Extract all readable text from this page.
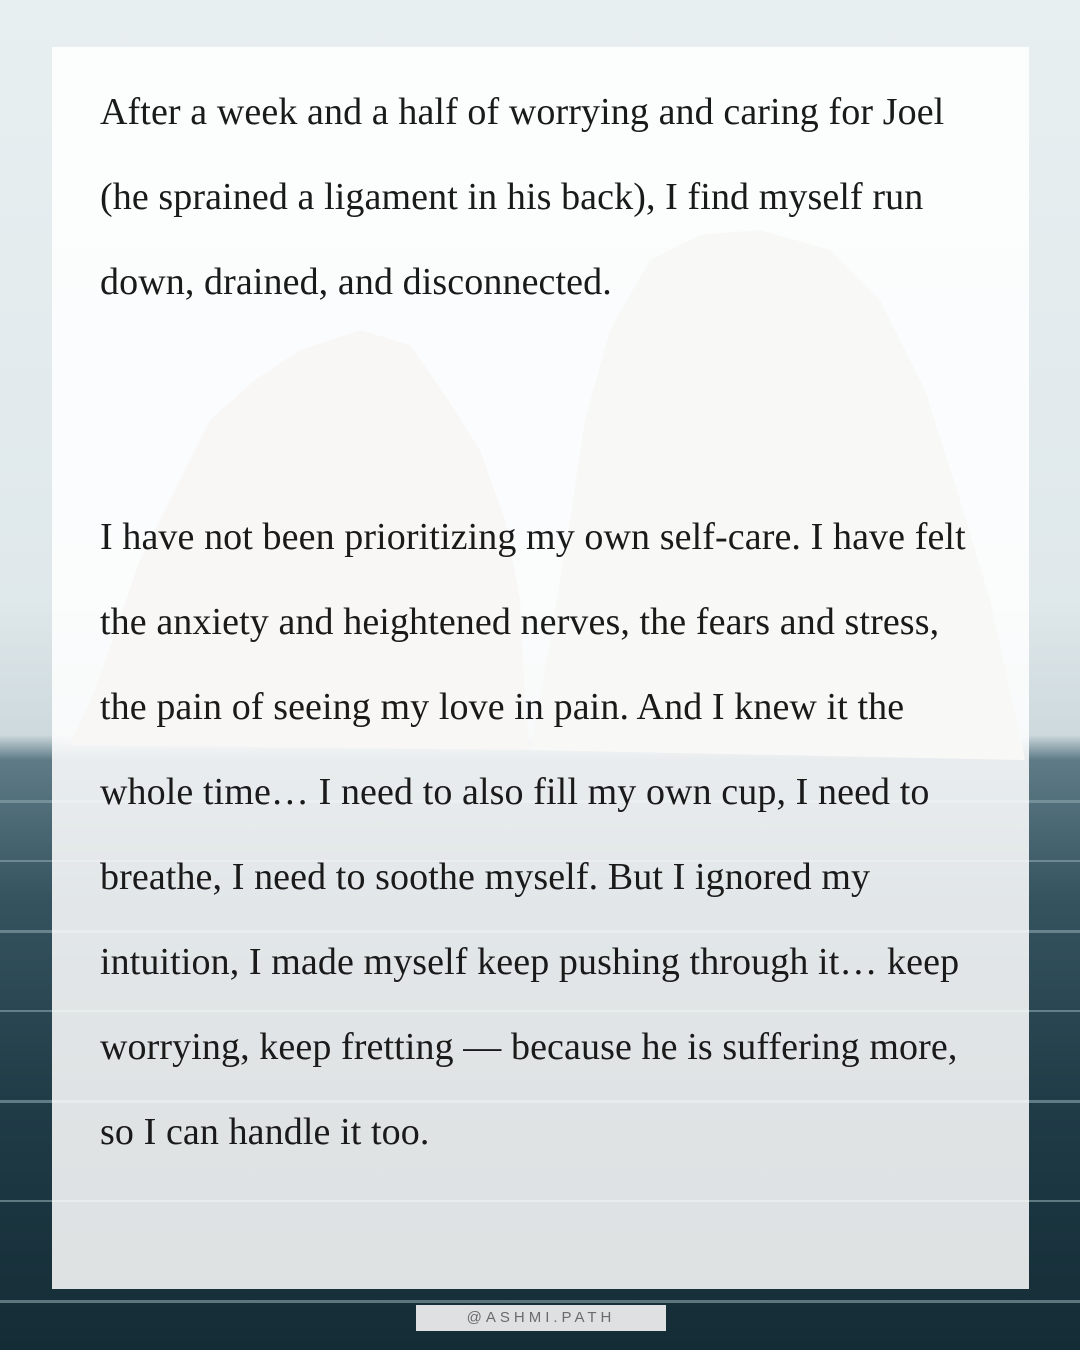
After a week and a half of worrying and caring for Joel (he sprained a ligament in his back), I find myself run down, drained, and disconnected.

I have not been prioritizing my own self-care. I have felt the anxiety and heightened nerves, the fears and stress, the pain of seeing my love in pain. And I knew it the whole time… I need to also fill my own cup, I need to breathe, I need to soothe myself. But I ignored my intuition, I made myself keep pushing through it… keep worrying, keep fretting — because he is suffering more, so I can handle it too.

@ASHMI.PATH
